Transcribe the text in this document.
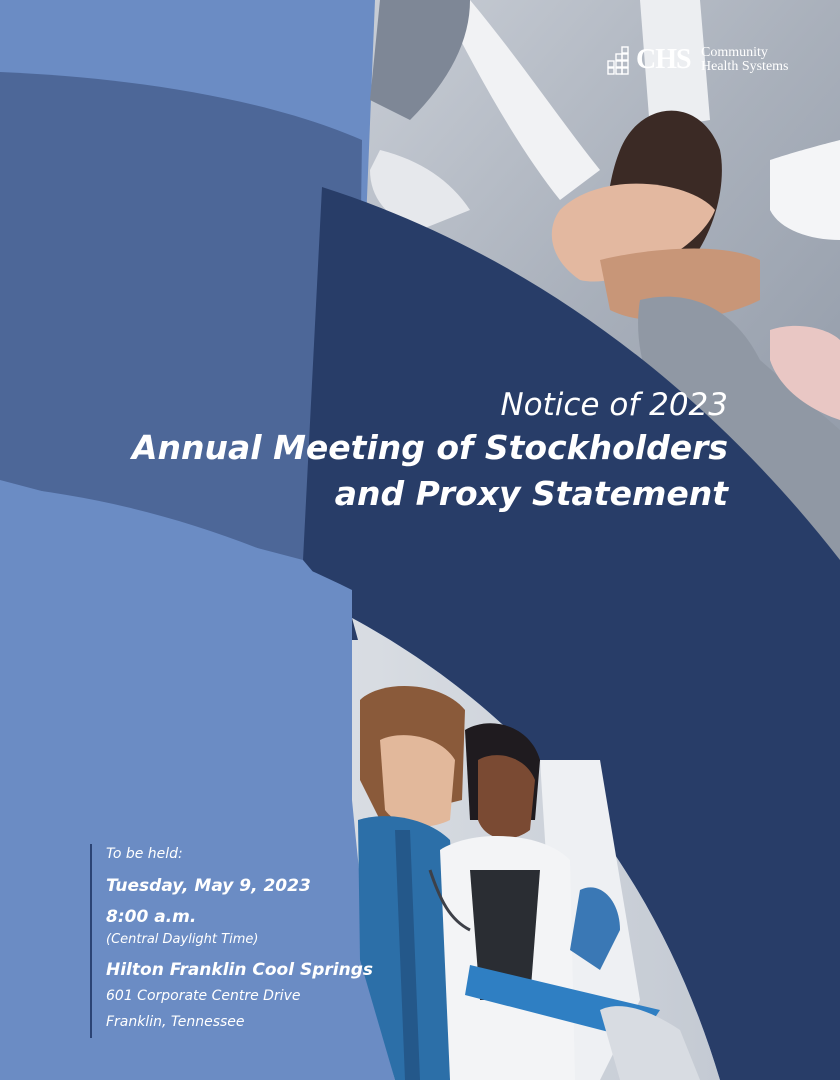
CHS Community
Health Systems
Notice of 2023
Annual Meeting of Stockholders
and Proxy Statement
To be held:
Tuesday, May 9, 2023
8:00 a.m.
(Central Daylight Time)
Hilton Franklin Cool Springs
601 Corporate Centre Drive
Franklin, Tennessee
